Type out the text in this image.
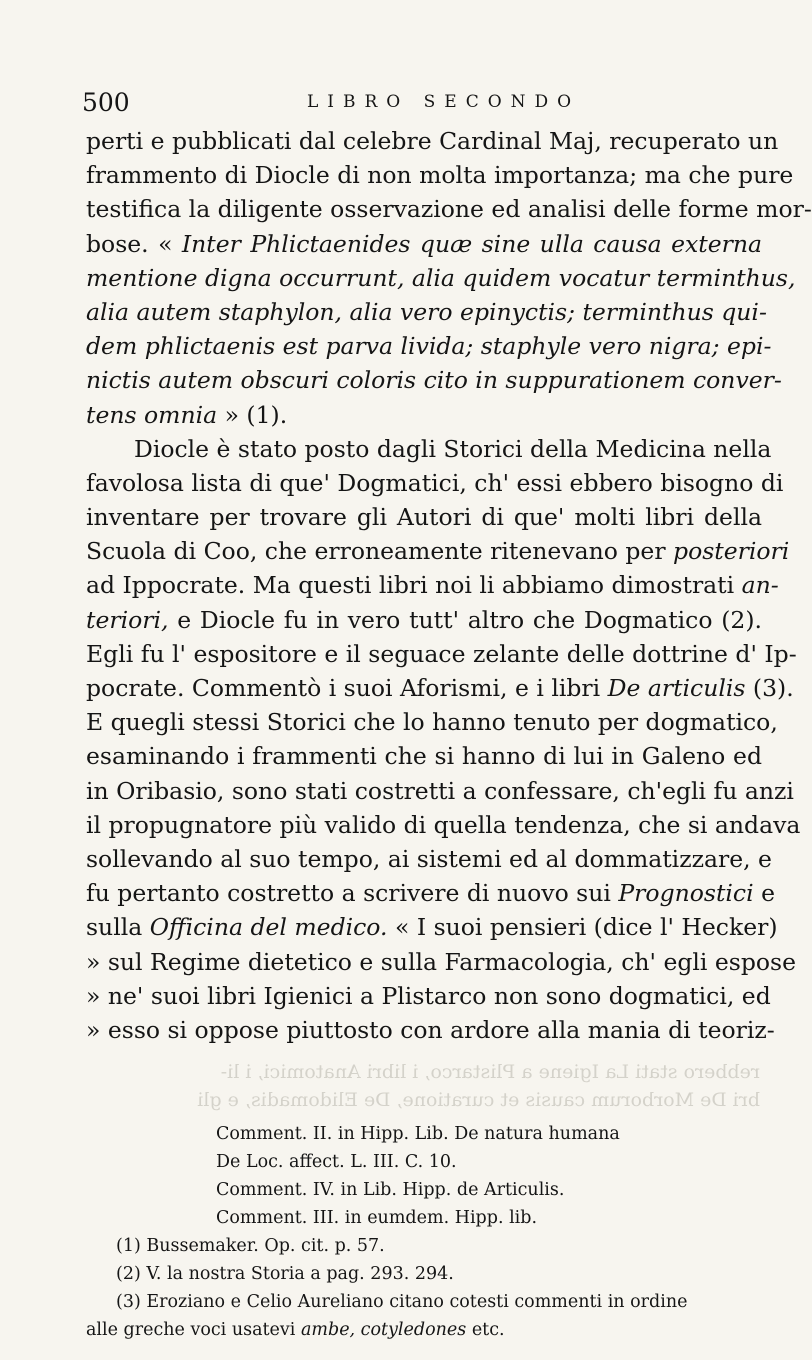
500	LIBRO SECONDO
perti e pubblicati dal celebre Cardinal Maj, recuperato un
frammento di Diocle di non molta importanza; ma che pure
testifica la diligente osservazione ed analisi delle forme mor-
bose. « Inter Phlictaenides quæ sine ulla causa externa
mentione digna occurrunt, alia quidem vocatur terminthus,
alia autem staphylon, alia vero epinyctis; terminthus qui-
dem phlictaenis est parva livida; staphyle vero nigra; epi-
nictis autem obscuri coloris cito in suppurationem conver-
tens omnia » (1).
Diocle è stato posto dagli Storici della Medicina nella
favolosa lista di que' Dogmatici, ch' essi ebbero bisogno di
inventare per trovare gli Autori di que' molti libri della
Scuola di Coo, che erroneamente ritenevano per posteriori
ad Ippocrate. Ma questi libri noi li abbiamo dimostrati an-
teriori, e Diocle fu in vero tutt' altro che Dogmatico (2).
Egli fu l' espositore e il seguace zelante delle dottrine d' Ip-
pocrate. Commentò i suoi Aforismi, e i libri De articulis (3).
E quegli stessi Storici che lo hanno tenuto per dogmatico,
esaminando i frammenti che si hanno di lui in Galeno ed
in Oribasio, sono stati costretti a confessare, ch'egli fu anzi
il propugnatore più valido di quella tendenza, che si andava
sollevando al suo tempo, ai sistemi ed al dommatizzare, e
fu pertanto costretto a scrivere di nuovo sui Prognostici e
sulla Officina del medico. « I suoi pensieri (dice l' Hecker)
» sul Regime dietetico e sulla Farmacologia, ch' egli espose
» ne' suoi libri Igienici a Plistarco non sono dogmatici, ed
» esso si oppose piuttosto con ardore alla mania di teoriz-
rebbero stati La Igiene a Plistarco, i libri Anatomici, i li-
bri De Morborum causis et curatione, De Elidomadis, e gli
Comment. II. in Hipp. Lib. De natura humana
De Loc. affect. L. III. C. 10.
Comment. IV. in Lib. Hipp. de Articulis.
Comment. III. in eumdem. Hipp. lib.
(1) Bussemaker. Op. cit. p. 57.
(2) V. la nostra Storia a pag. 293. 294.
(3) Eroziano e Celio Aureliano citano cotesti commenti in ordine
alle greche voci usatevi ambe, cotyledones etc.
